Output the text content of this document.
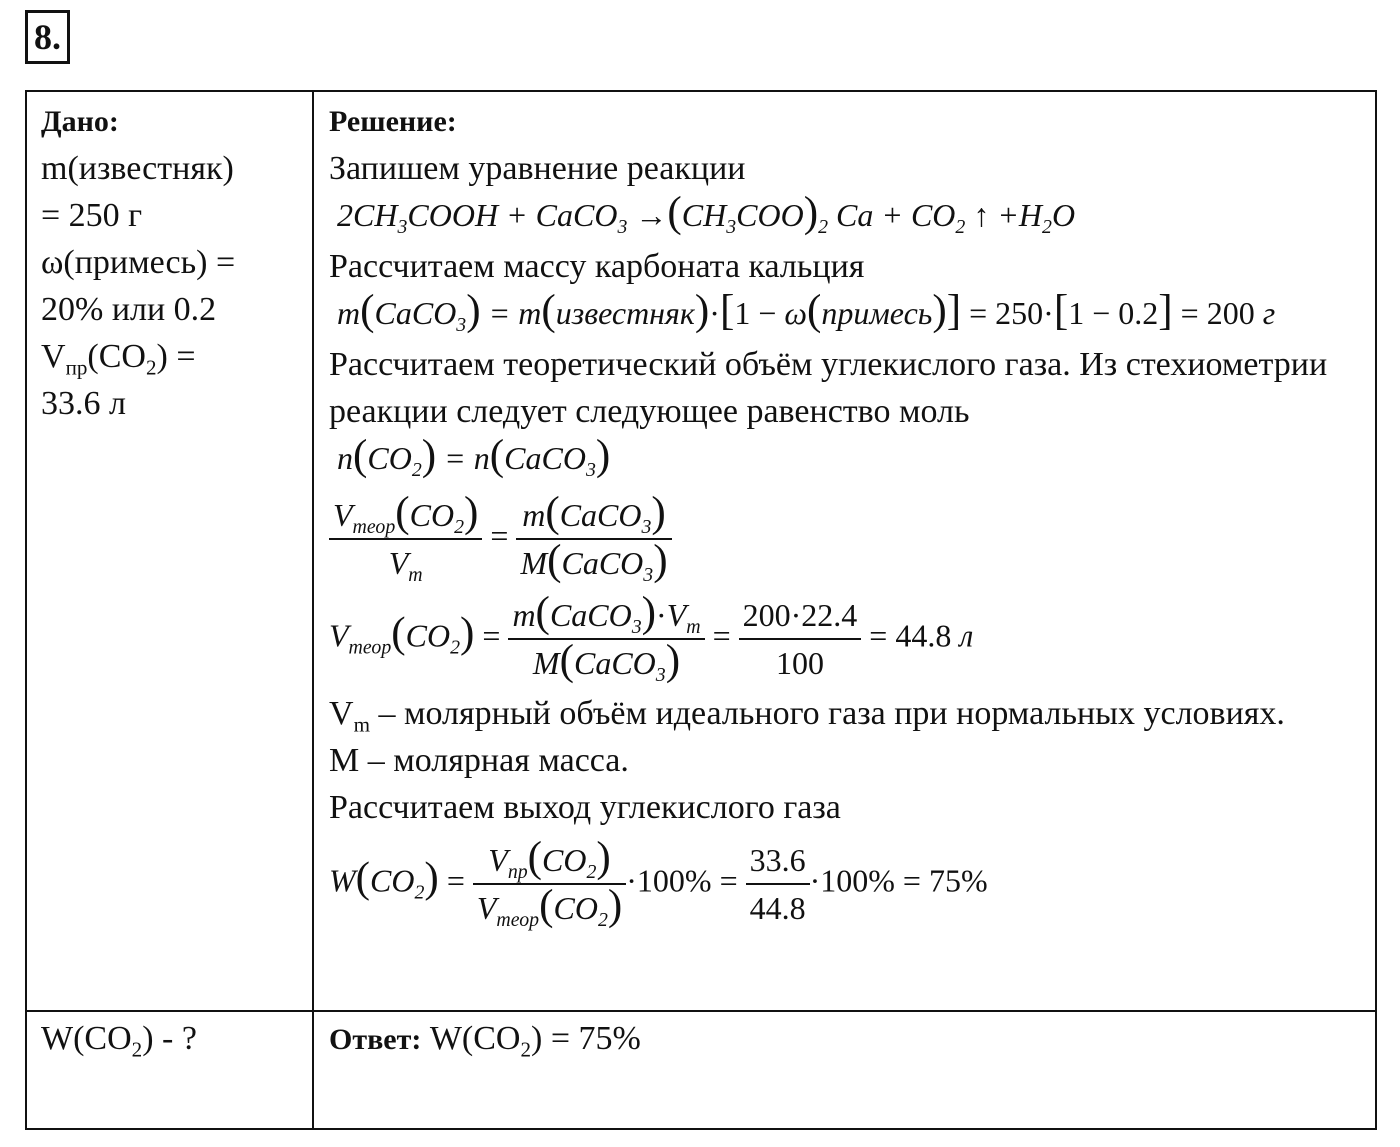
8.
Дано:
m(известняк)
= 250 г
ω(примесь) =
20% или 0.2
$V_{пр}(CO_2)$ =
33.6 л
Решение:
Запишем уравнение реакции
$2CH_3COOH$ + CaCO$_3$ $\to(CH_3COO)_2$ $Ca + CO_2$ ↑ $+H_2O$
Рассчитаем массу карбоната кальция
m(CaCO$_3$) = m(известняк)·[1 − ω(примесь)] = 250·[1 − 0.2] = 200 г
Рассчитаем теоретический объём углекислого газа. Из стехиометрии реакции следует следующее равенство моль
$n(CO_2)$ = n(CaCO$_3$)
$\frac{V_{теор}(CO_2)}{V_m} = \frac{m(CaCO_3)}{M(CaCO_3)}$
$V_{теор}(CO_2) = \frac{m(CaCO_3)\cdot V_m}{M(CaCO_3)} = \frac{200\cdot 22.4}{100} = 44.8$ л
$V_m$ – молярный объём идеального газа при нормальных условиях.
M – молярная масса.
Рассчитаем выход углекислого газа
$W(CO_2) = \frac{V_{пр}(CO_2)}{V_{теор}(CO_2)} \cdot 100\% = \frac{33.6}{44.8} \cdot 100\% = 75\%$
$W(CO_2)$ - ?	Ответ: $W(CO_2) = 75\%$
